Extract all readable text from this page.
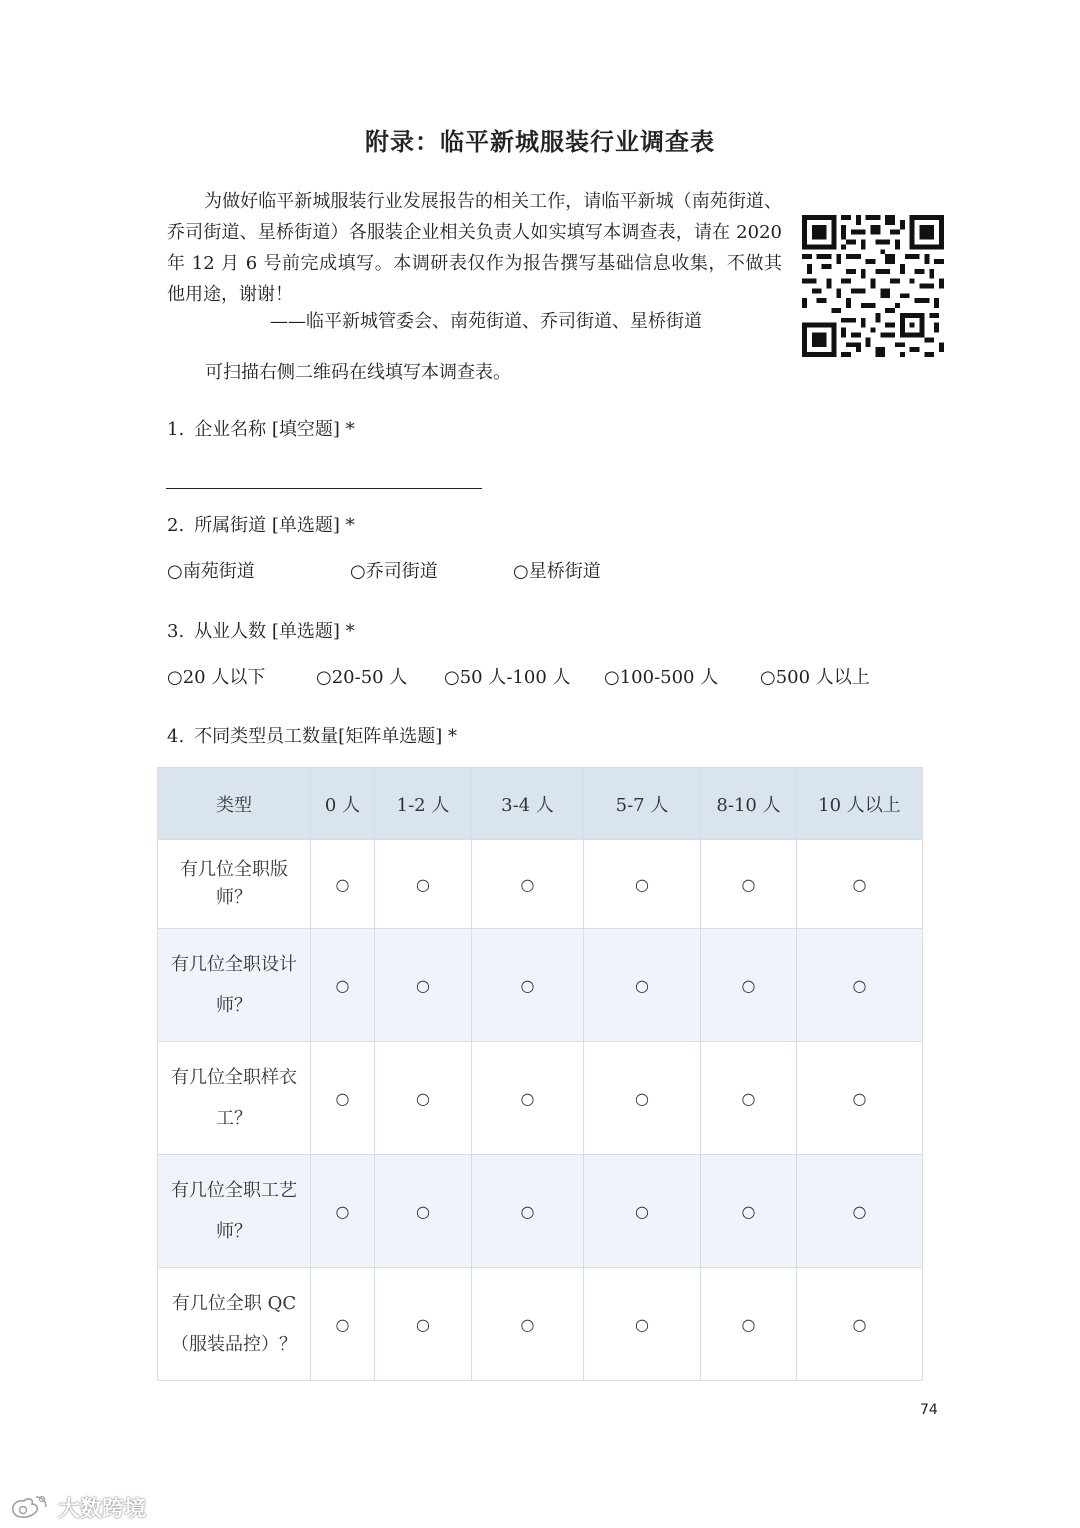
附录：临平新城服装行业调查表

为做好临平新城服装行业发展报告的相关工作，请临平新城（南苑街道、乔司街道、星桥街道）各服装企业相关负责人如实填写本调查表，请在 2020 年 12 月 6 号前完成填写。本调研表仅作为报告撰写基础信息收集，不做其他用途，谢谢！

——临平新城管委会、南苑街道、乔司街道、星桥街道
可扫描右侧二维码在线填写本调查表。
1. 企业名称 [填空题] *
2. 所属街道 [单选题] *
○南苑街道	○乔司街道	○星桥街道
3. 从业人数 [单选题] *
○20 人以下	○20-50 人 ○50 人-100 人 ○100-500 人 ○500 人以上
4. 不同类型员工数量[矩阵单选题] *
类型	0 人	1-2 人	3-4 人	5-7 人	8-10 人	10 人以上
有几位全职版
师？	○	○	○	○	○	○
有几位全职设计
师？	○	○	○	○	○	○
有几位全职样衣
工？	○	○	○	○	○	○
有几位全职工艺
师？	○	○	○	○	○	○
有几位全职 QC
（服装品控）？	○	○	○	○	○	○
74
大数跨境
